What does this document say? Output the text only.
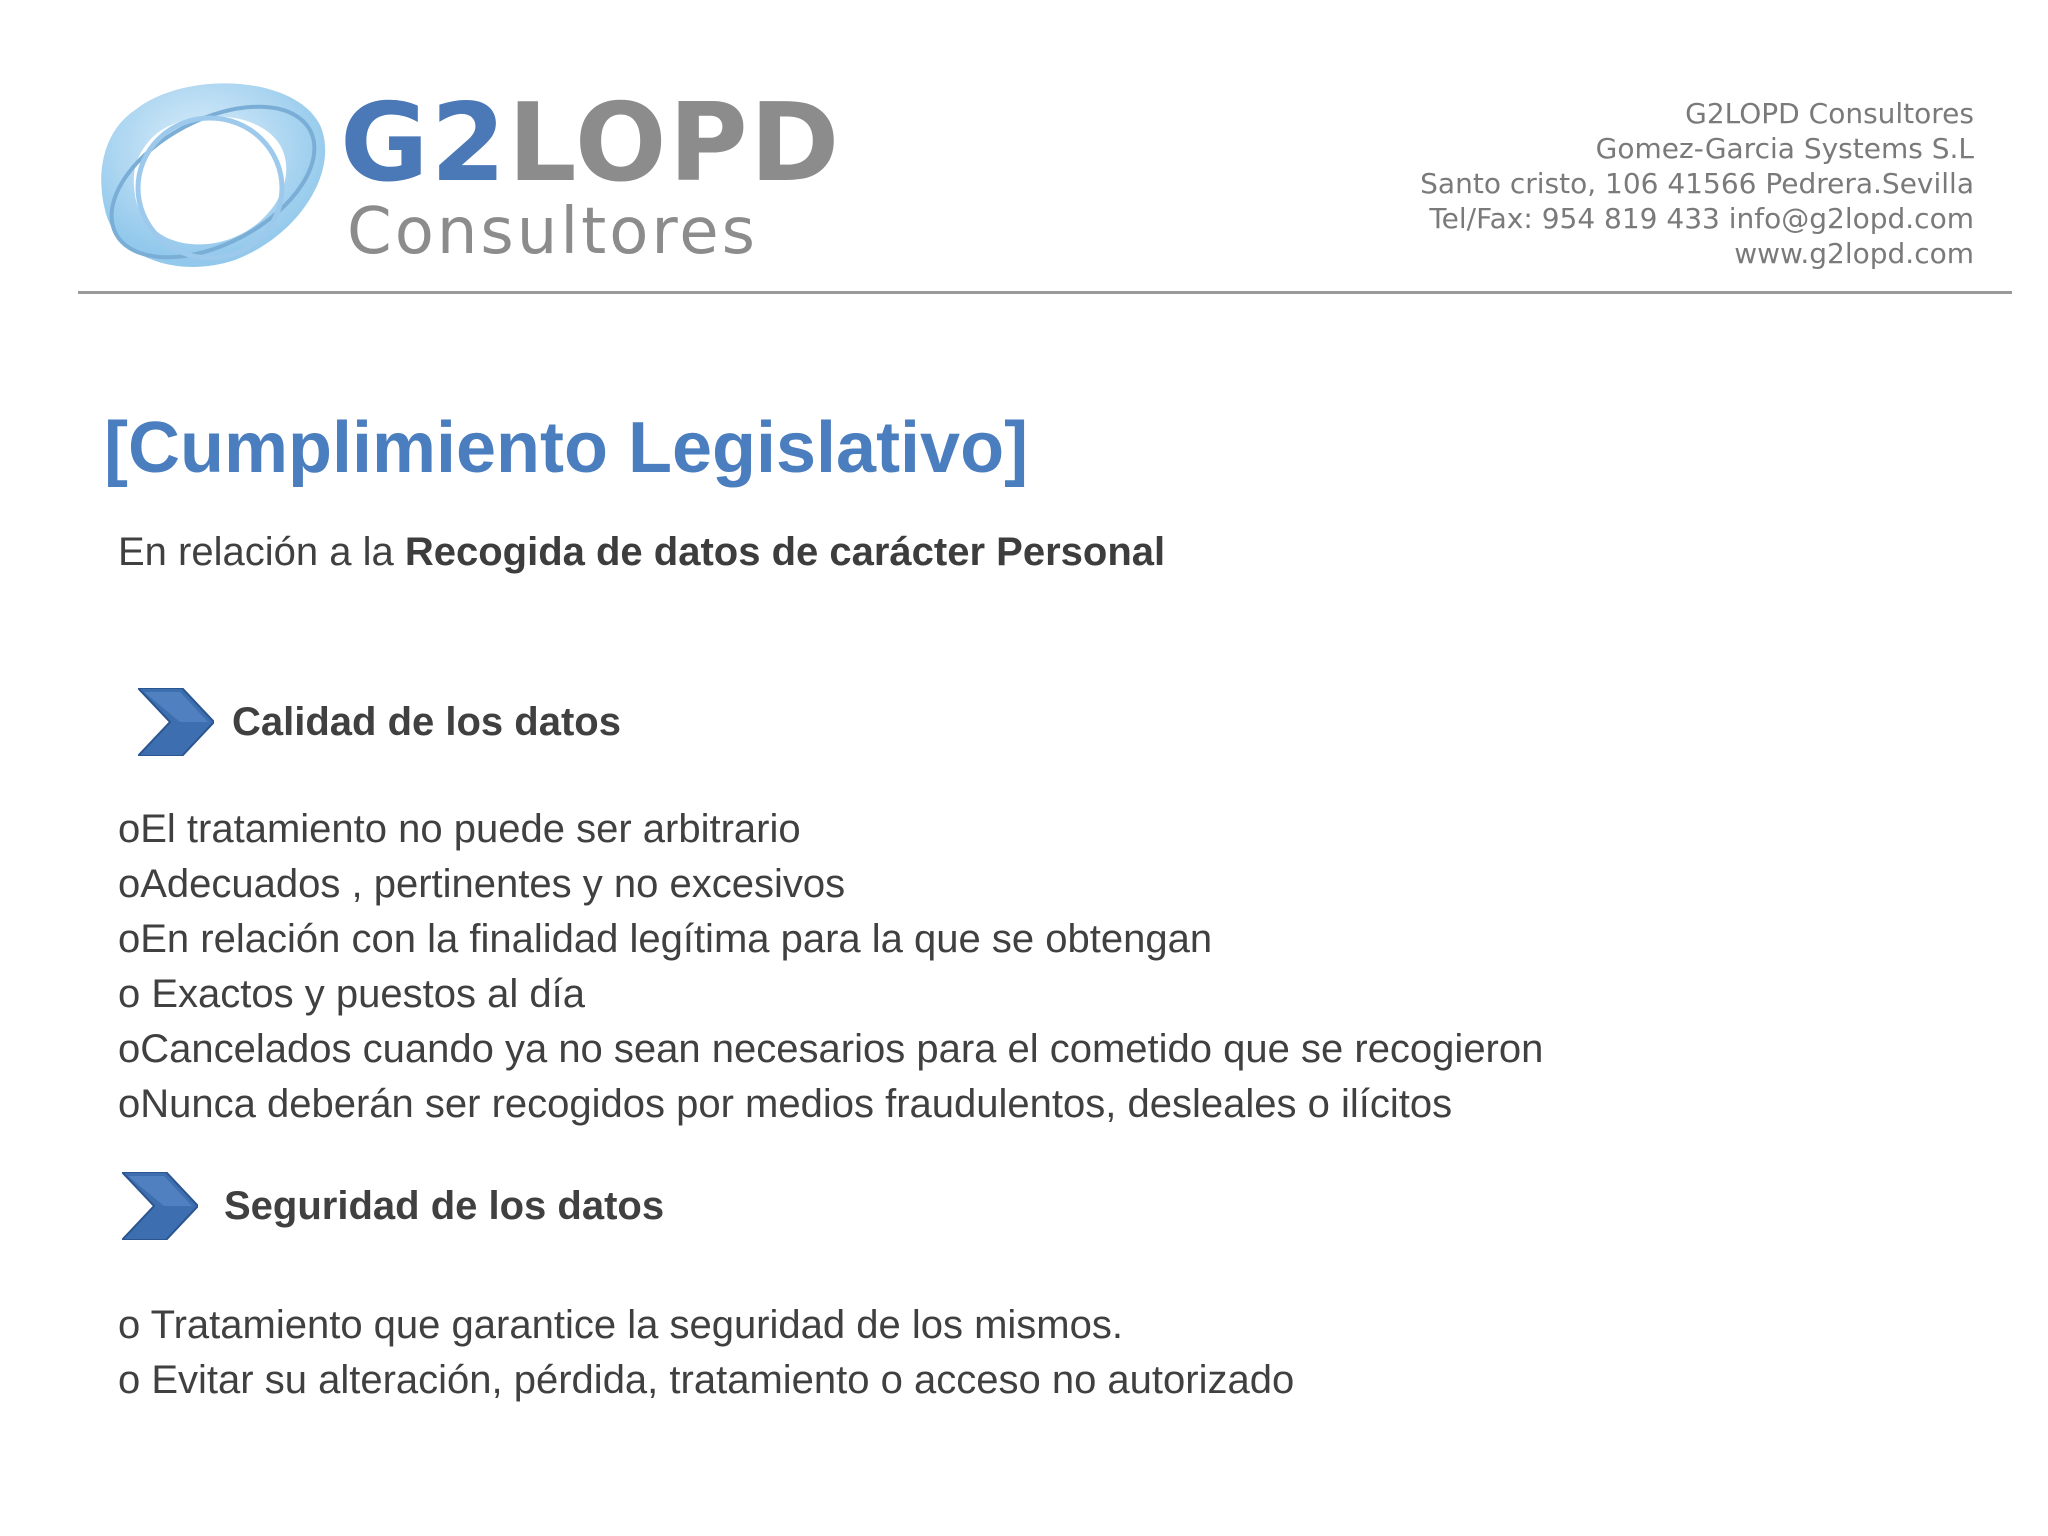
G2LOPD
Consultores
G2LOPD Consultores
Gomez-Garcia Systems S.L
Santo cristo, 106 41566 Pedrera.Sevilla
Tel/Fax: 954 819 433 info@g2lopd.com
www.g2lopd.com
[Cumplimiento Legislativo]
En relación a la Recogida de datos de carácter Personal
Calidad de los datos
oEl tratamiento no puede ser arbitrario
oAdecuados , pertinentes y no excesivos
oEn relación con la finalidad legítima para la que se obtengan
o Exactos y puestos al día
oCancelados cuando ya no sean necesarios para el cometido que se recogieron
oNunca deberán ser recogidos por medios fraudulentos, desleales o ilícitos
Seguridad de los datos
o Tratamiento que garantice la seguridad de los mismos.
o Evitar su alteración, pérdida, tratamiento o acceso no autorizado
